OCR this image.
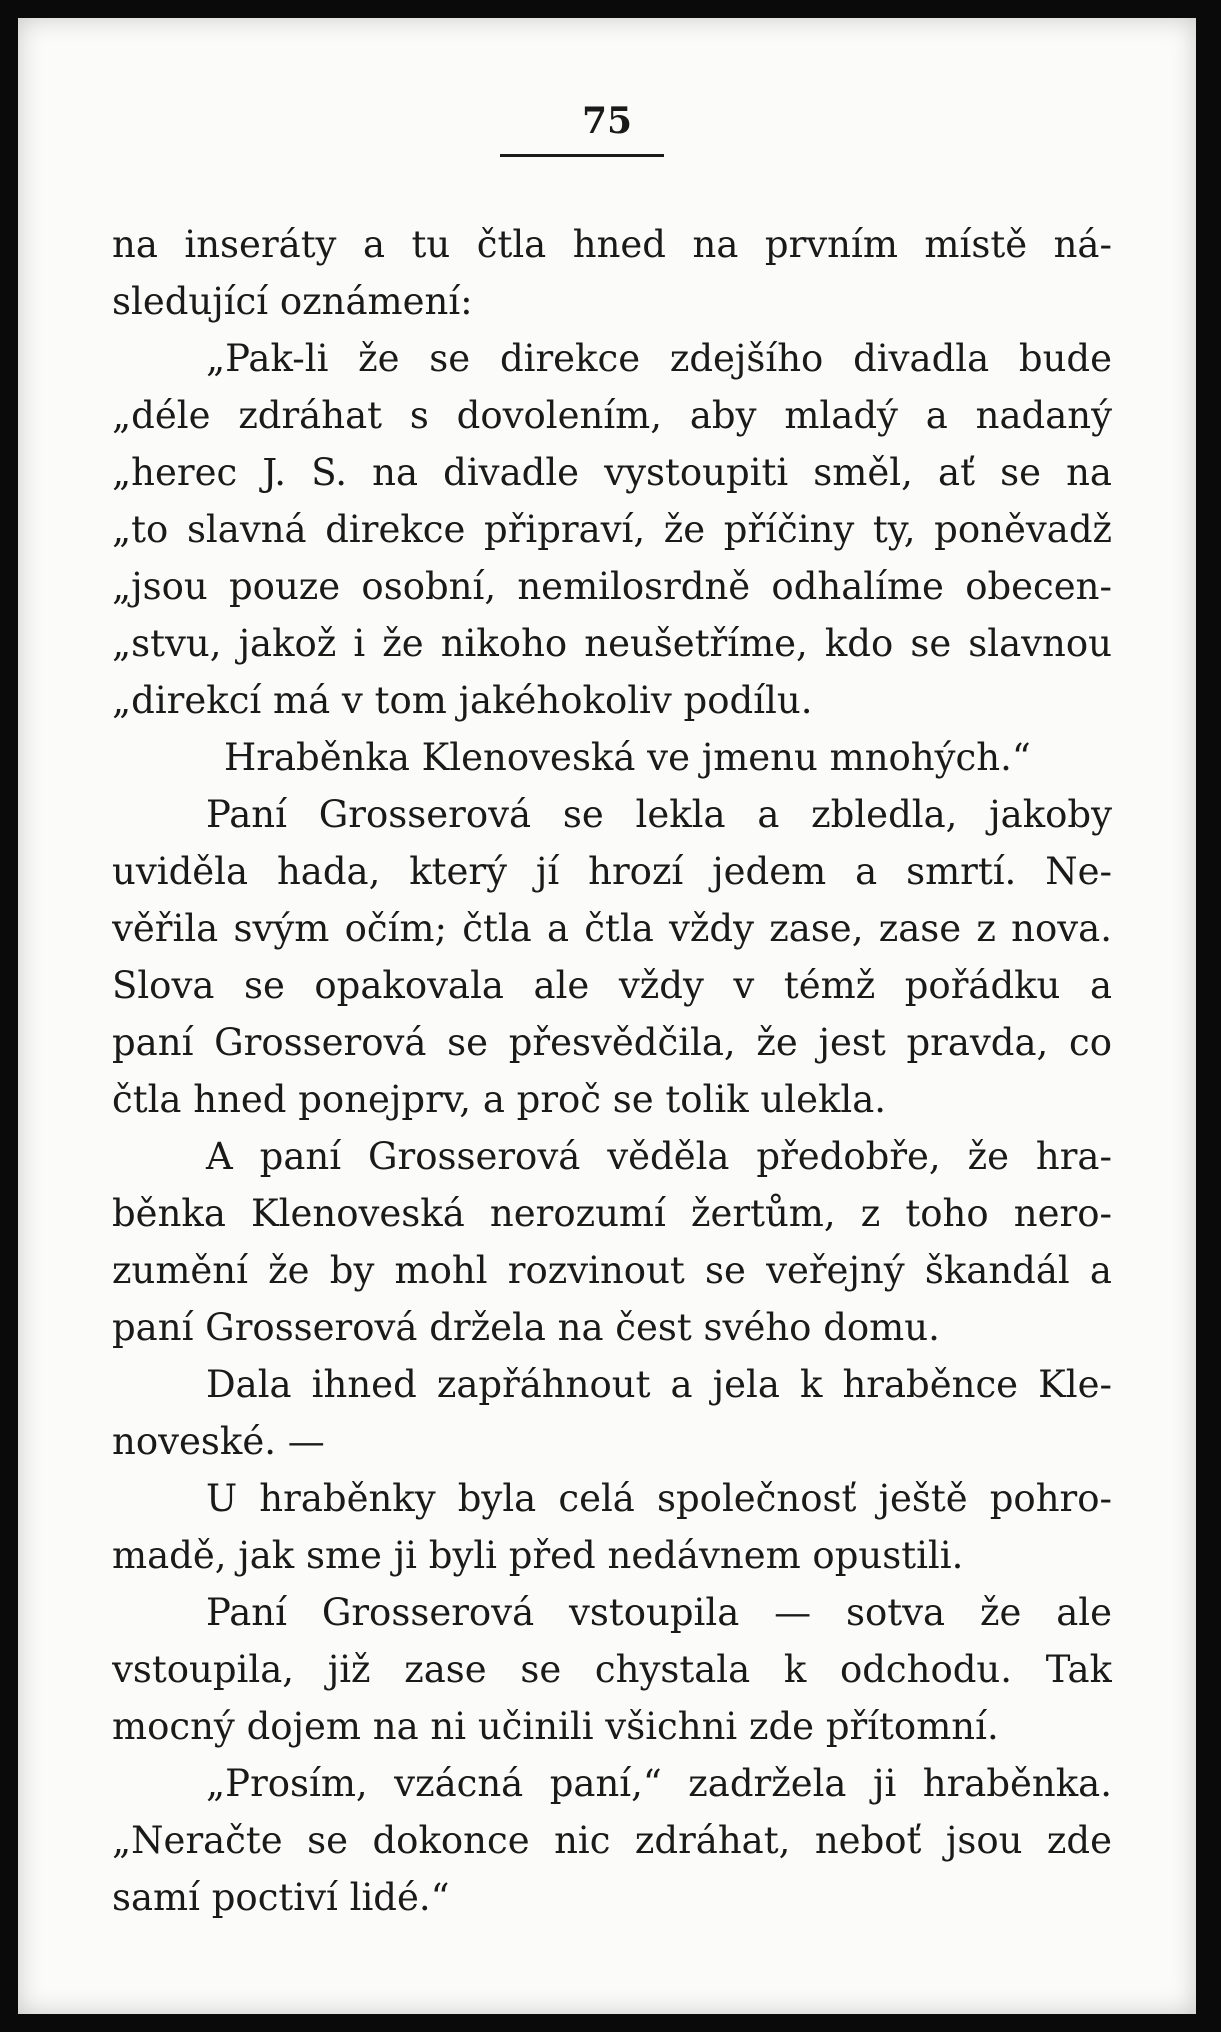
75
na inseráty a tu čtla hned na prvním místě ná-
sledující oznámení:
„Pak-li že se direkce zdejšího divadla bude
„déle zdráhat s dovolením, aby mladý a nadaný
„herec J. S. na divadle vystoupiti směl, ať se na
„to slavná direkce připraví, že příčiny ty, poněvadž
„jsou pouze osobní, nemilosrdně odhalíme obecen-
„stvu, jakož i že nikoho neušetříme, kdo se slavnou
„direkcí má v tom jakéhokoliv podílu.
Hraběnka Klenoveská ve jmenu mnohých.“
Paní Grosserová se lekla a zbledla, jakoby
uviděla hada, který jí hrozí jedem a smrtí. Ne-
věřila svým očím; čtla a čtla vždy zase, zase z nova.
Slova se opakovala ale vždy v témž pořádku a
paní Grosserová se přesvědčila, že jest pravda, co
čtla hned ponejprv, a proč se tolik ulekla.
A paní Grosserová věděla předobře, že hra-
běnka Klenoveská nerozumí žertům, z toho nero-
zumění že by mohl rozvinout se veřejný škandál a
paní Grosserová držela na čest svého domu.
Dala ihned zapřáhnout a jela k hraběnce Kle-
noveské. —
U hraběnky byla celá společnosť ještě pohro-
madě, jak sme ji byli před nedávnem opustili.
Paní Grosserová vstoupila — sotva že ale
vstoupila, již zase se chystala k odchodu. Tak
mocný dojem na ni učinili všichni zde přítomní.
„Prosím, vzácná paní,“ zadržela ji hraběnka.
„Neračte se dokonce nic zdráhat, neboť jsou zde
samí poctiví lidé.“
